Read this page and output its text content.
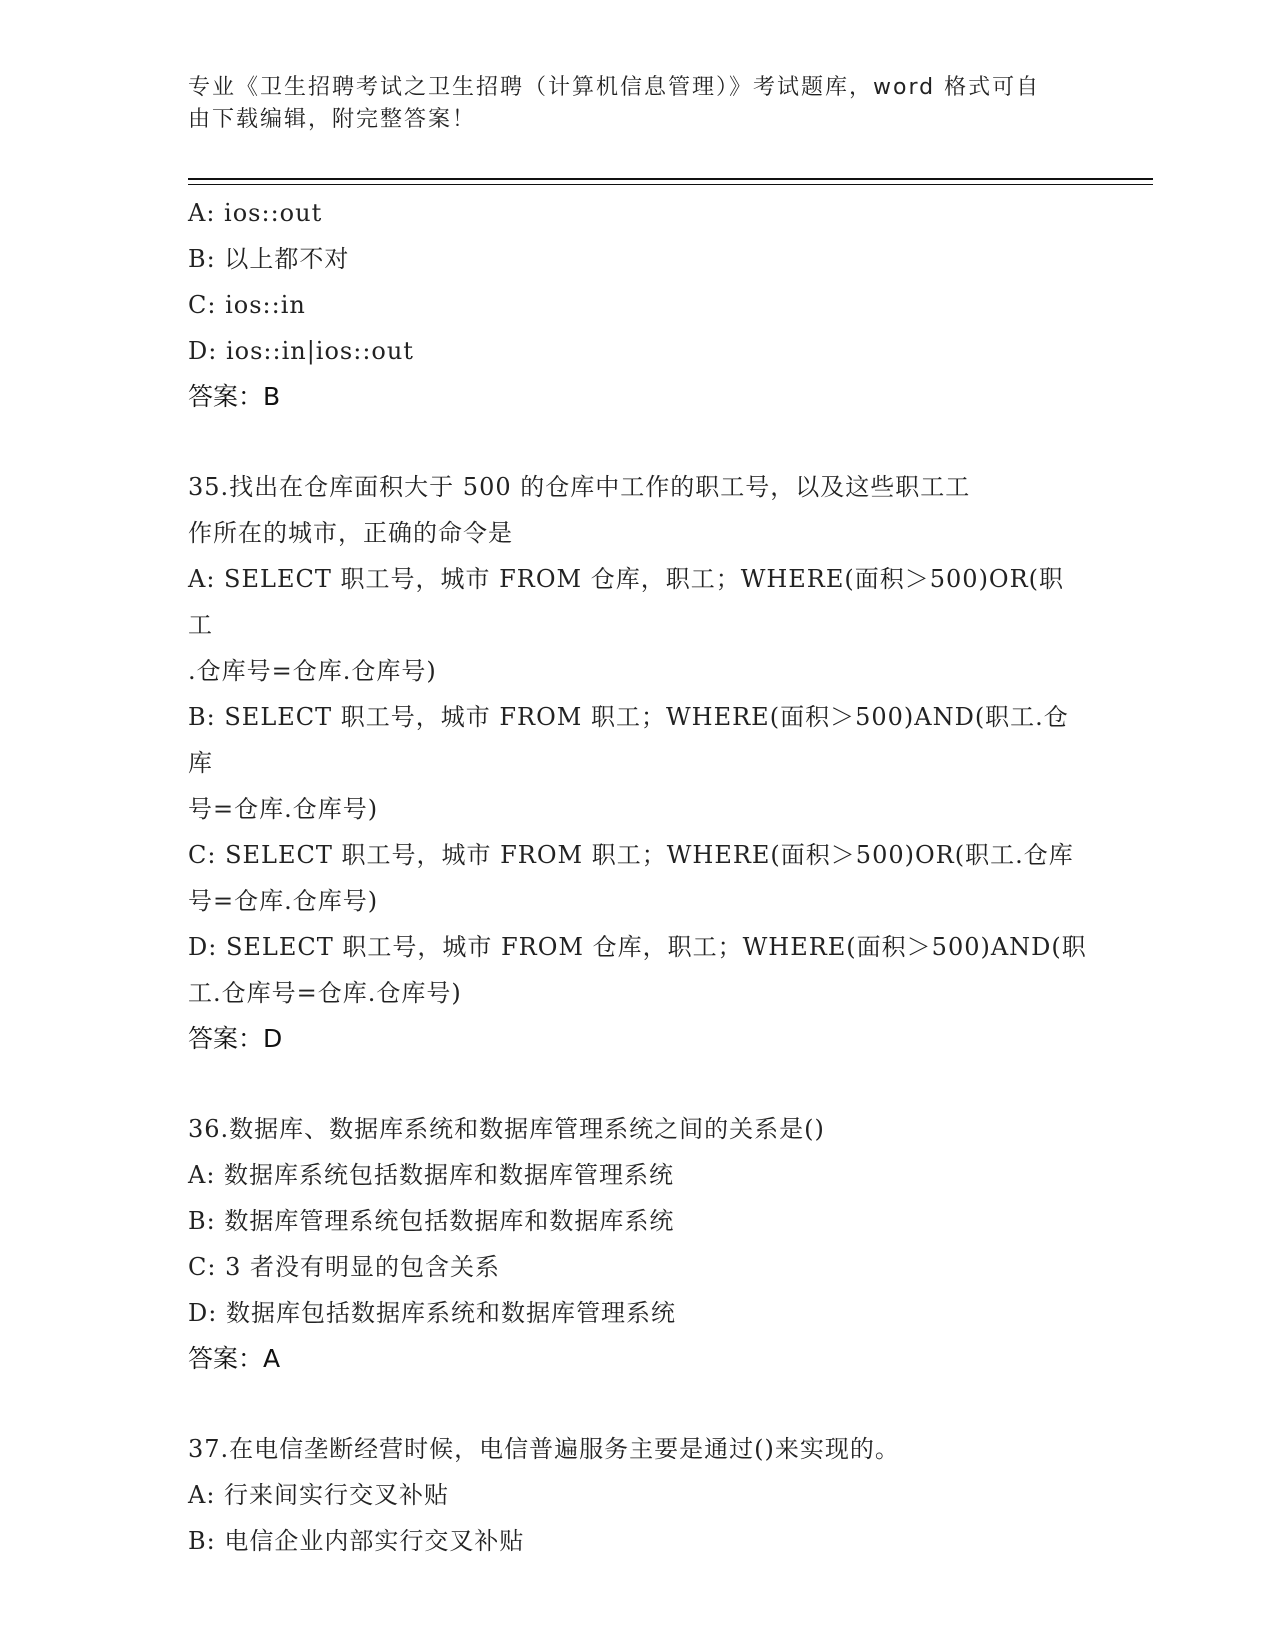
专业《卫生招聘考试之卫生招聘（计算机信息管理）》考试题库，word 格式可自
由下载编辑，附完整答案！
A: ios::out
B: 以上都不对
C: ios::in
D: ios::in|ios::out
答案：B
35.找出在仓库面积大于 500 的仓库中工作的职工号，以及这些职工工
作所在的城市，正确的命令是
A: SELECT 职工号，城市 FROM 仓库，职工；WHERE(面积＞500)OR(职工
.仓库号=仓库.仓库号)
B: SELECT 职工号，城市 FROM 职工；WHERE(面积＞500)AND(职工.仓库
号=仓库.仓库号)
C: SELECT 职工号，城市 FROM 职工；WHERE(面积＞500)OR(职工.仓库
号=仓库.仓库号)
D: SELECT 职工号，城市 FROM 仓库，职工；WHERE(面积＞500)AND(职
工.仓库号=仓库.仓库号)
答案：D
36.数据库、数据库系统和数据库管理系统之间的关系是()
A: 数据库系统包括数据库和数据库管理系统
B: 数据库管理系统包括数据库和数据库系统
C: 3 者没有明显的包含关系
D: 数据库包括数据库系统和数据库管理系统
答案：A
37.在电信垄断经营时候，电信普遍服务主要是通过()来实现的。
A: 行来间实行交叉补贴
B: 电信企业内部实行交叉补贴
